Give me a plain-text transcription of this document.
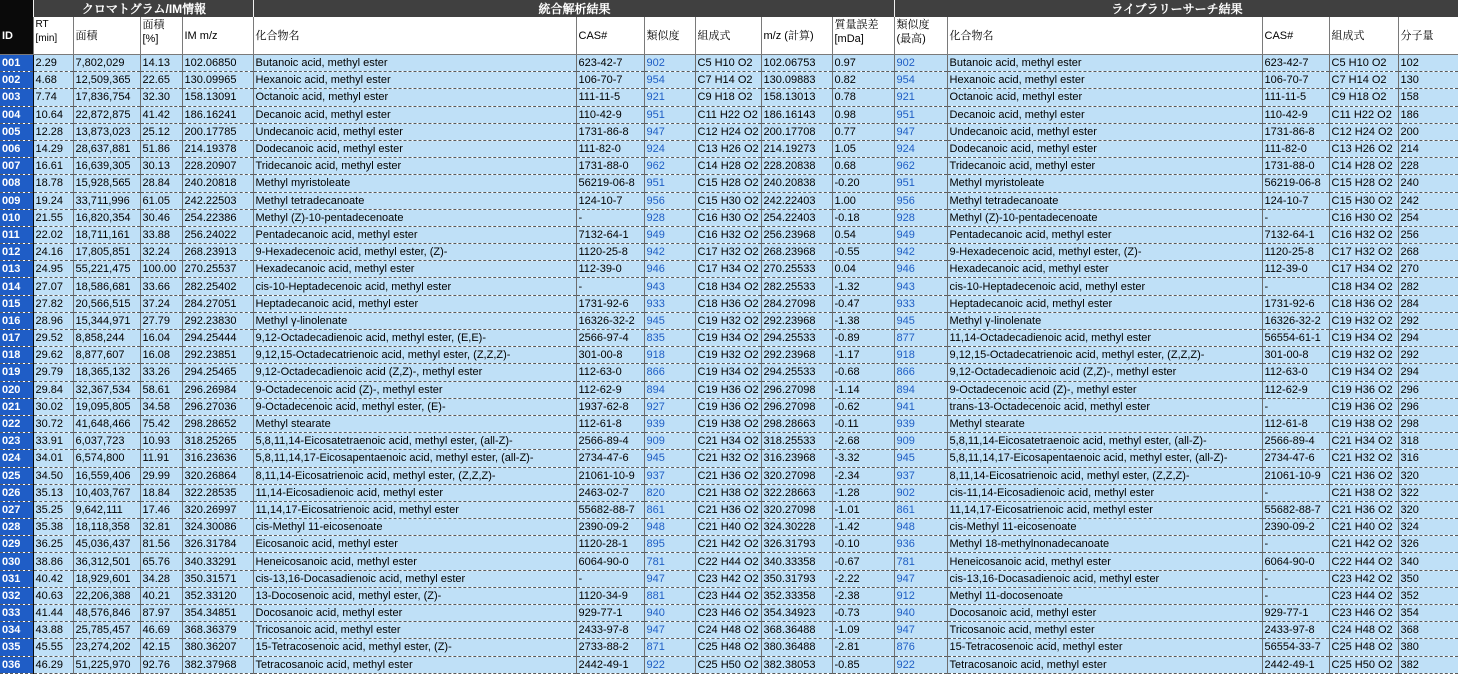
	クロマトグラム/IM情報				統合解析結果						ライブラリーサーチ結果				
ID	RT [min]	面積	面積 [%]	IM m/z	化合物名	CAS#	類似度	組成式	m/z (計算)	質量誤差 [mDa]	類似度 (最高)	化合物名	CAS#	組成式	分子量
001	2.29	7,802,029	14.13	102.06850	Butanoic acid, methyl ester	623-42-7	902	C5 H10 O2	102.06753	0.97	902	Butanoic acid, methyl ester	623-42-7	C5 H10 O2	102
002	4.68	12,509,365	22.65	130.09965	Hexanoic acid, methyl ester	106-70-7	954	C7 H14 O2	130.09883	0.82	954	Hexanoic acid, methyl ester	106-70-7	C7 H14 O2	130
003	7.74	17,836,754	32.30	158.13091	Octanoic acid, methyl ester	111-11-5	921	C9 H18 O2	158.13013	0.78	921	Octanoic acid, methyl ester	111-11-5	C9 H18 O2	158
004	10.64	22,872,875	41.42	186.16241	Decanoic acid, methyl ester	110-42-9	951	C11 H22 O2	186.16143	0.98	951	Decanoic acid, methyl ester	110-42-9	C11 H22 O2	186
005	12.28	13,873,023	25.12	200.17785	Undecanoic acid, methyl ester	1731-86-8	947	C12 H24 O2	200.17708	0.77	947	Undecanoic acid, methyl ester	1731-86-8	C12 H24 O2	200
006	14.29	28,637,881	51.86	214.19378	Dodecanoic acid, methyl ester	111-82-0	924	C13 H26 O2	214.19273	1.05	924	Dodecanoic acid, methyl ester	111-82-0	C13 H26 O2	214
007	16.61	16,639,305	30.13	228.20907	Tridecanoic acid, methyl ester	1731-88-0	962	C14 H28 O2	228.20838	0.68	962	Tridecanoic acid, methyl ester	1731-88-0	C14 H28 O2	228
008	18.78	15,928,565	28.84	240.20818	Methyl myristoleate	56219-06-8	951	C15 H28 O2	240.20838	-0.20	951	Methyl myristoleate	56219-06-8	C15 H28 O2	240
009	19.24	33,711,996	61.05	242.22503	Methyl tetradecanoate	124-10-7	956	C15 H30 O2	242.22403	1.00	956	Methyl tetradecanoate	124-10-7	C15 H30 O2	242
010	21.55	16,820,354	30.46	254.22386	Methyl (Z)-10-pentadecenoate	-	928	C16 H30 O2	254.22403	-0.18	928	Methyl (Z)-10-pentadecenoate	-	C16 H30 O2	254
011	22.02	18,711,161	33.88	256.24022	Pentadecanoic acid, methyl ester	7132-64-1	949	C16 H32 O2	256.23968	0.54	949	Pentadecanoic acid, methyl ester	7132-64-1	C16 H32 O2	256
012	24.16	17,805,851	32.24	268.23913	9-Hexadecenoic acid, methyl ester, (Z)-	1120-25-8	942	C17 H32 O2	268.23968	-0.55	942	9-Hexadecenoic acid, methyl ester, (Z)-	1120-25-8	C17 H32 O2	268
013	24.95	55,221,475	100.00	270.25537	Hexadecanoic acid, methyl ester	112-39-0	946	C17 H34 O2	270.25533	0.04	946	Hexadecanoic acid, methyl ester	112-39-0	C17 H34 O2	270
014	27.07	18,586,681	33.66	282.25402	cis-10-Heptadecenoic acid, methyl ester	-	943	C18 H34 O2	282.25533	-1.32	943	cis-10-Heptadecenoic acid, methyl ester	-	C18 H34 O2	282
015	27.82	20,566,515	37.24	284.27051	Heptadecanoic acid, methyl ester	1731-92-6	933	C18 H36 O2	284.27098	-0.47	933	Heptadecanoic acid, methyl ester	1731-92-6	C18 H36 O2	284
016	28.96	15,344,971	27.79	292.23830	Methyl γ-linolenate	16326-32-2	945	C19 H32 O2	292.23968	-1.38	945	Methyl γ-linolenate	16326-32-2	C19 H32 O2	292
017	29.52	8,858,244	16.04	294.25444	9,12-Octadecadienoic acid, methyl ester, (E,E)-	2566-97-4	835	C19 H34 O2	294.25533	-0.89	877	11,14-Octadecadienoic acid, methyl ester	56554-61-1	C19 H34 O2	294
018	29.62	8,877,607	16.08	292.23851	9,12,15-Octadecatrienoic acid, methyl ester, (Z,Z,Z)-	301-00-8	918	C19 H32 O2	292.23968	-1.17	918	9,12,15-Octadecatrienoic acid, methyl ester, (Z,Z,Z)-	301-00-8	C19 H32 O2	292
019	29.79	18,365,132	33.26	294.25465	9,12-Octadecadienoic acid (Z,Z)-, methyl ester	112-63-0	866	C19 H34 O2	294.25533	-0.68	866	9,12-Octadecadienoic acid (Z,Z)-, methyl ester	112-63-0	C19 H34 O2	294
020	29.84	32,367,534	58.61	296.26984	9-Octadecenoic acid (Z)-, methyl ester	112-62-9	894	C19 H36 O2	296.27098	-1.14	894	9-Octadecenoic acid (Z)-, methyl ester	112-62-9	C19 H36 O2	296
021	30.02	19,095,805	34.58	296.27036	9-Octadecenoic acid, methyl ester, (E)-	1937-62-8	927	C19 H36 O2	296.27098	-0.62	941	trans-13-Octadecenoic acid, methyl ester	-	C19 H36 O2	296
022	30.72	41,648,466	75.42	298.28652	Methyl stearate	112-61-8	939	C19 H38 O2	298.28663	-0.11	939	Methyl stearate	112-61-8	C19 H38 O2	298
023	33.91	6,037,723	10.93	318.25265	5,8,11,14-Eicosatetraenoic acid, methyl ester, (all-Z)-	2566-89-4	909	C21 H34 O2	318.25533	-2.68	909	5,8,11,14-Eicosatetraenoic acid, methyl ester, (all-Z)-	2566-89-4	C21 H34 O2	318
024	34.01	6,574,800	11.91	316.23636	5,8,11,14,17-Eicosapentaenoic acid, methyl ester, (all-Z)-	2734-47-6	945	C21 H32 O2	316.23968	-3.32	945	5,8,11,14,17-Eicosapentaenoic acid, methyl ester, (all-Z)-	2734-47-6	C21 H32 O2	316
025	34.50	16,559,406	29.99	320.26864	8,11,14-Eicosatrienoic acid, methyl ester, (Z,Z,Z)-	21061-10-9	937	C21 H36 O2	320.27098	-2.34	937	8,11,14-Eicosatrienoic acid, methyl ester, (Z,Z,Z)-	21061-10-9	C21 H36 O2	320
026	35.13	10,403,767	18.84	322.28535	11,14-Eicosadienoic acid, methyl ester	2463-02-7	820	C21 H38 O2	322.28663	-1.28	902	cis-11,14-Eicosadienoic acid, methyl ester	-	C21 H38 O2	322
027	35.25	9,642,111	17.46	320.26997	11,14,17-Eicosatrienoic acid, methyl ester	55682-88-7	861	C21 H36 O2	320.27098	-1.01	861	11,14,17-Eicosatrienoic acid, methyl ester	55682-88-7	C21 H36 O2	320
028	35.38	18,118,358	32.81	324.30086	cis-Methyl 11-eicosenoate	2390-09-2	948	C21 H40 O2	324.30228	-1.42	948	cis-Methyl 11-eicosenoate	2390-09-2	C21 H40 O2	324
029	36.25	45,036,437	81.56	326.31784	Eicosanoic acid, methyl ester	1120-28-1	895	C21 H42 O2	326.31793	-0.10	936	Methyl 18-methylnonadecanoate	-	C21 H42 O2	326
030	38.86	36,312,501	65.76	340.33291	Heneicosanoic acid, methyl ester	6064-90-0	781	C22 H44 O2	340.33358	-0.67	781	Heneicosanoic acid, methyl ester	6064-90-0	C22 H44 O2	340
031	40.42	18,929,601	34.28	350.31571	cis-13,16-Docasadienoic acid, methyl ester	-	947	C23 H42 O2	350.31793	-2.22	947	cis-13,16-Docasadienoic acid, methyl ester	-	C23 H42 O2	350
032	40.63	22,206,388	40.21	352.33120	13-Docosenoic acid, methyl ester, (Z)-	1120-34-9	881	C23 H44 O2	352.33358	-2.38	912	Methyl 11-docosenoate	-	C23 H44 O2	352
033	41.44	48,576,846	87.97	354.34851	Docosanoic acid, methyl ester	929-77-1	940	C23 H46 O2	354.34923	-0.73	940	Docosanoic acid, methyl ester	929-77-1	C23 H46 O2	354
034	43.88	25,785,457	46.69	368.36379	Tricosanoic acid, methyl ester	2433-97-8	947	C24 H48 O2	368.36488	-1.09	947	Tricosanoic acid, methyl ester	2433-97-8	C24 H48 O2	368
035	45.55	23,274,202	42.15	380.36207	15-Tetracosenoic acid, methyl ester, (Z)-	2733-88-2	871	C25 H48 O2	380.36488	-2.81	876	15-Tetracosenoic acid, methyl ester	56554-33-7	C25 H48 O2	380
036	46.29	51,225,970	92.76	382.37968	Tetracosanoic acid, methyl ester	2442-49-1	922	C25 H50 O2	382.38053	-0.85	922	Tetracosanoic acid, methyl ester	2442-49-1	C25 H50 O2	382
